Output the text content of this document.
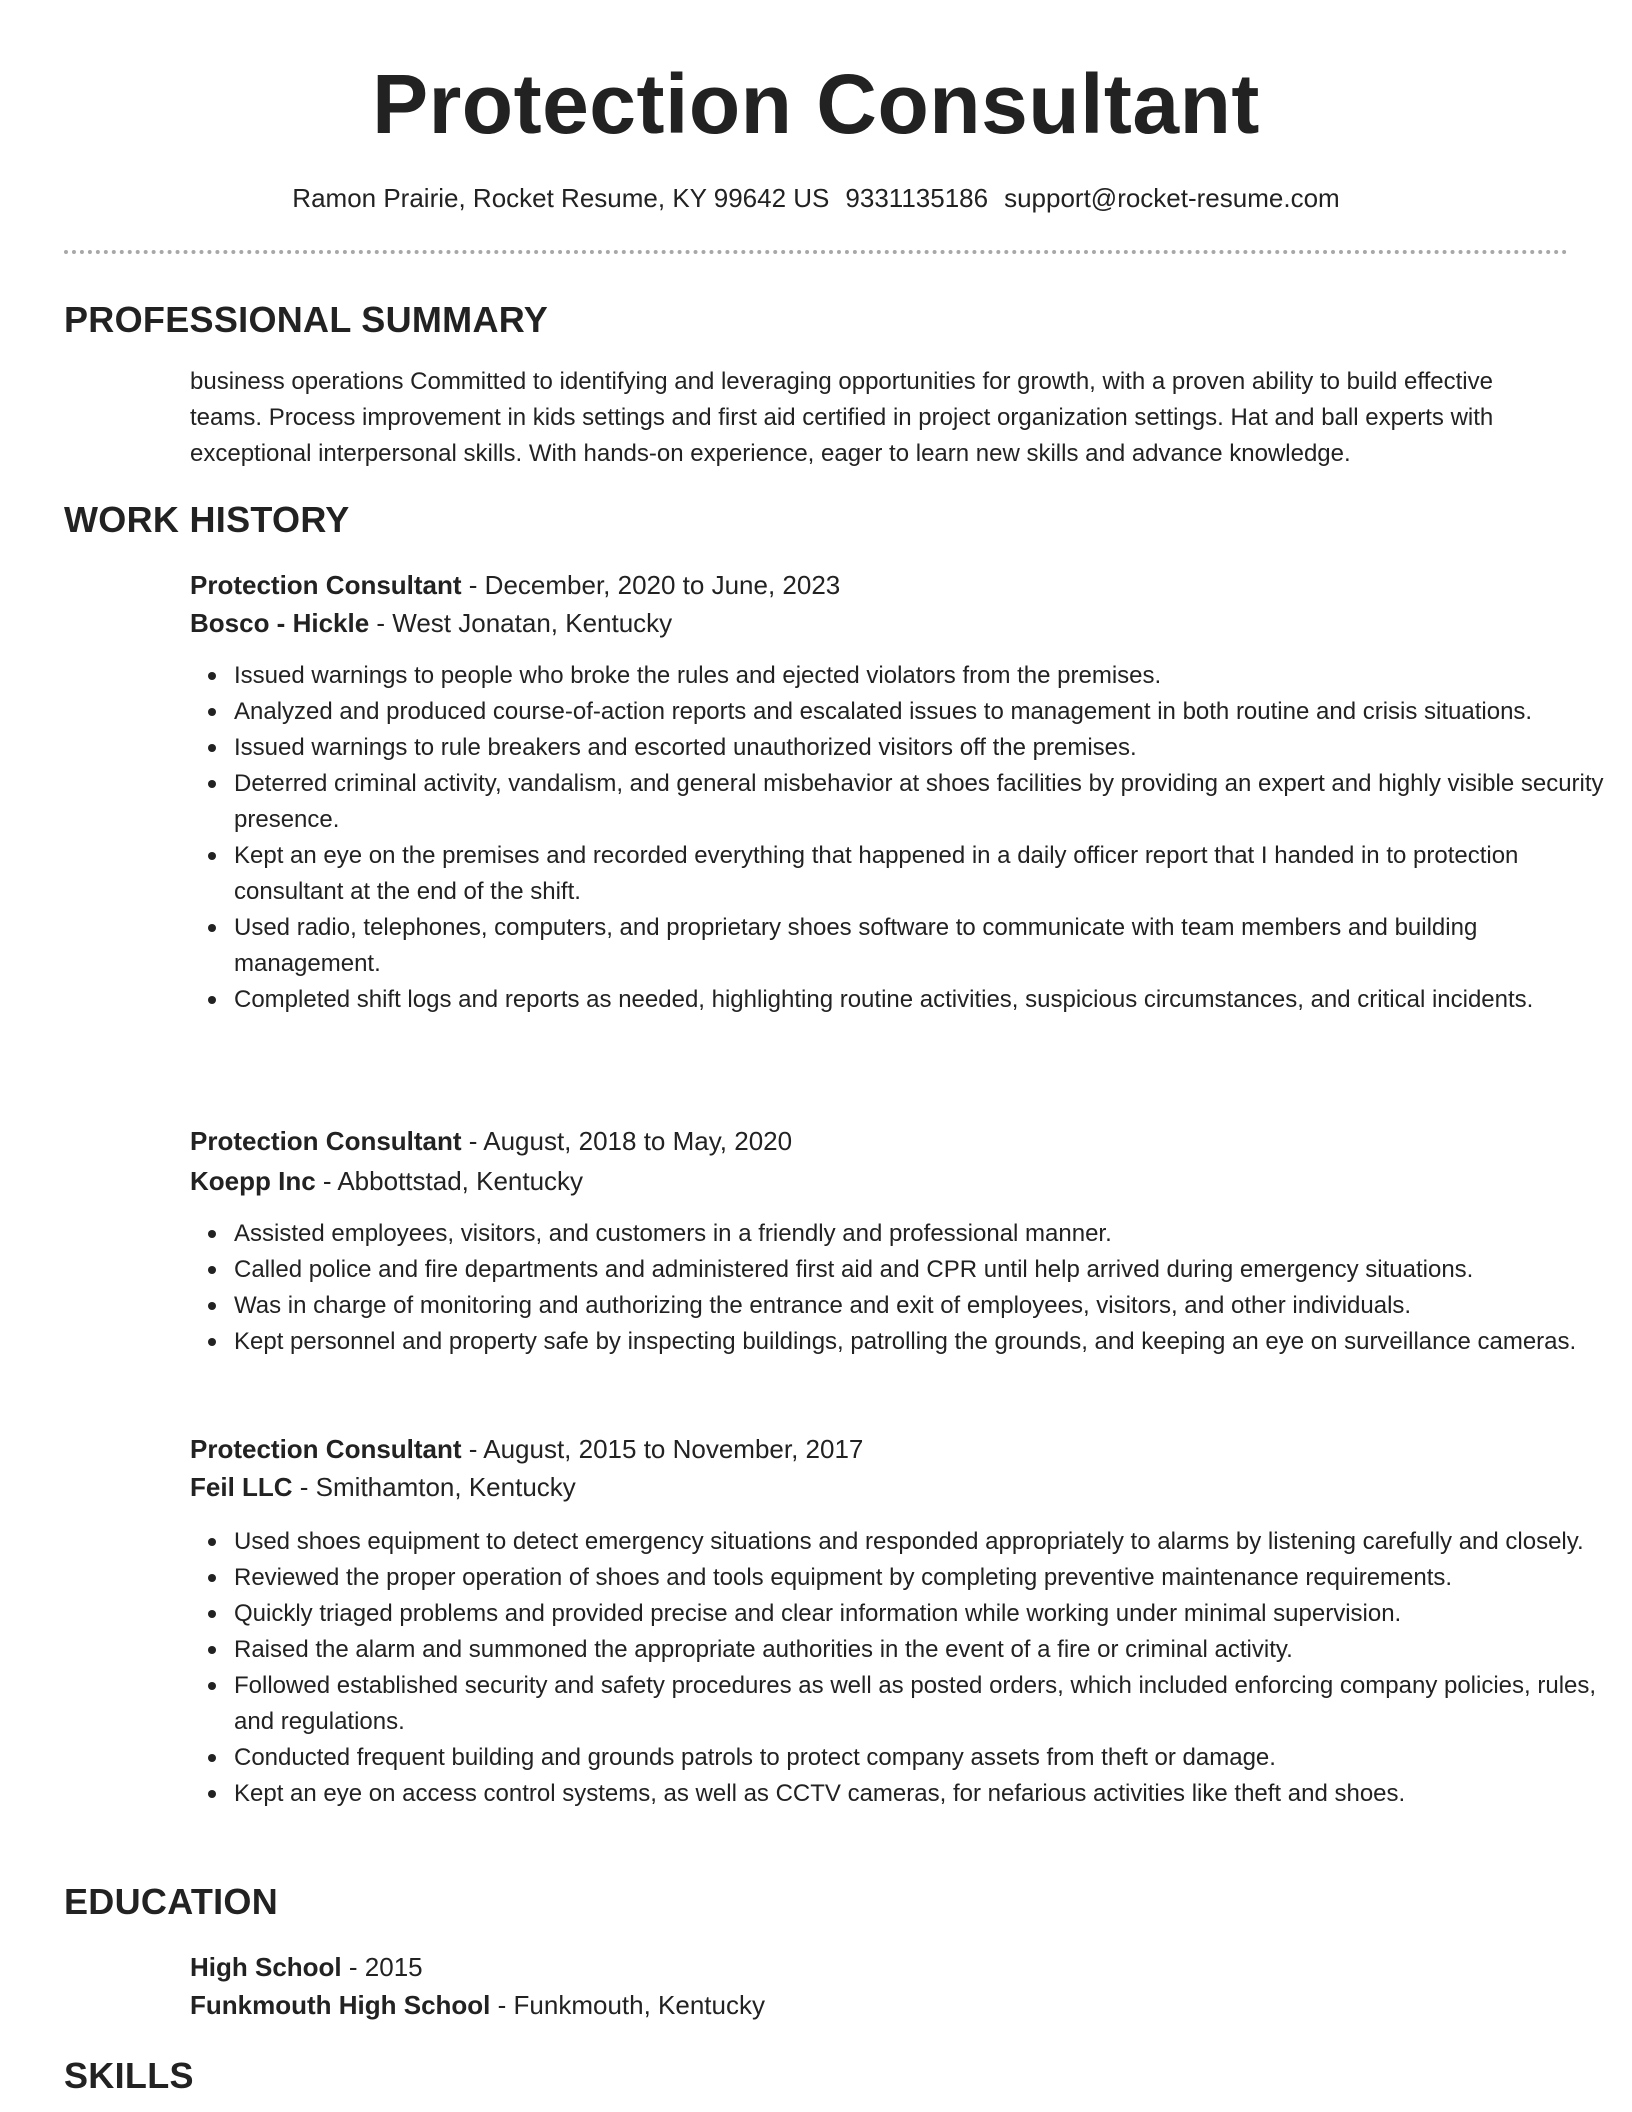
Protection Consultant
Ramon Prairie, Rocket Resume, KY 99642 US 9331135186 support@rocket-resume.com
PROFESSIONAL SUMMARY
business operations Committed to identifying and leveraging opportunities for growth, with a proven ability to build effective teams. Process improvement in kids settings and first aid certified in project organization settings. Hat and ball experts with exceptional interpersonal skills. With hands-on experience, eager to learn new skills and advance knowledge.
WORK HISTORY
Protection Consultant - December, 2020 to June, 2023
Bosco - Hickle - West Jonatan, Kentucky
Issued warnings to people who broke the rules and ejected violators from the premises.
Analyzed and produced course-of-action reports and escalated issues to management in both routine and crisis situations.
Issued warnings to rule breakers and escorted unauthorized visitors off the premises.
Deterred criminal activity, vandalism, and general misbehavior at shoes facilities by providing an expert and highly visible security presence.
Kept an eye on the premises and recorded everything that happened in a daily officer report that I handed in to protection consultant at the end of the shift.
Used radio, telephones, computers, and proprietary shoes software to communicate with team members and building management.
Completed shift logs and reports as needed, highlighting routine activities, suspicious circumstances, and critical incidents.
Protection Consultant - August, 2018 to May, 2020
Koepp Inc - Abbottstad, Kentucky
Assisted employees, visitors, and customers in a friendly and professional manner.
Called police and fire departments and administered first aid and CPR until help arrived during emergency situations.
Was in charge of monitoring and authorizing the entrance and exit of employees, visitors, and other individuals.
Kept personnel and property safe by inspecting buildings, patrolling the grounds, and keeping an eye on surveillance cameras.
Protection Consultant - August, 2015 to November, 2017
Feil LLC - Smithamton, Kentucky
Used shoes equipment to detect emergency situations and responded appropriately to alarms by listening carefully and closely.
Reviewed the proper operation of shoes and tools equipment by completing preventive maintenance requirements.
Quickly triaged problems and provided precise and clear information while working under minimal supervision.
Raised the alarm and summoned the appropriate authorities in the event of a fire or criminal activity.
Followed established security and safety procedures as well as posted orders, which included enforcing company policies, rules, and regulations.
Conducted frequent building and grounds patrols to protect company assets from theft or damage.
Kept an eye on access control systems, as well as CCTV cameras, for nefarious activities like theft and shoes.
EDUCATION
High School - 2015
Funkmouth High School - Funkmouth, Kentucky
SKILLS
